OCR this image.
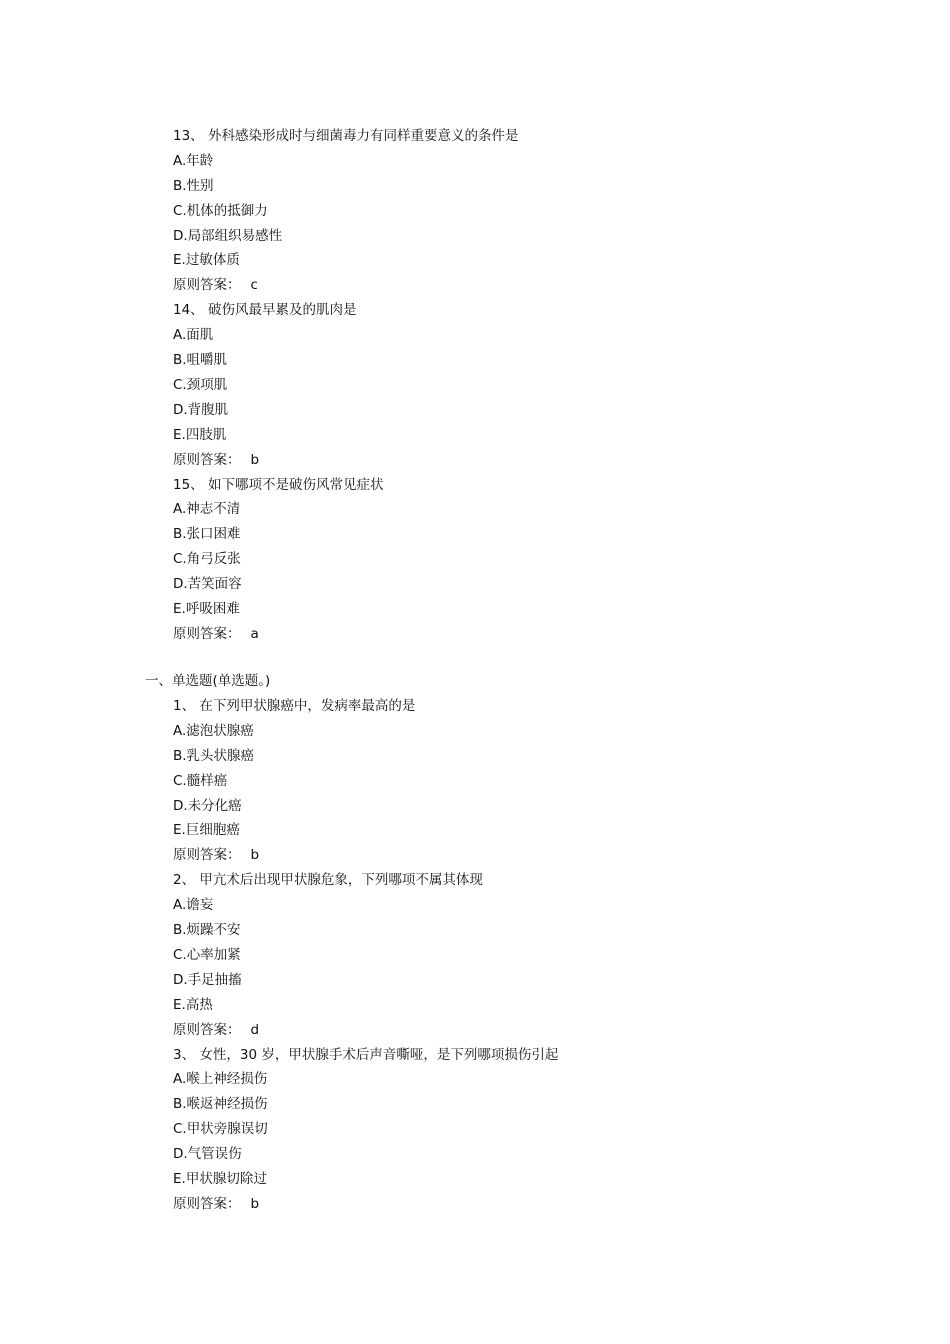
13、 外科感染形成时与细菌毒力有同样重要意义的条件是
A.年龄
B.性别
C.机体的抵御力
D.局部组织易感性
E.过敏体质
原则答案： c
14、 破伤风最早累及的肌肉是
A.面肌
B.咀嚼肌
C.颈项肌
D.背腹肌
E.四肢肌
原则答案： b
15、 如下哪项不是破伤风常见症状
A.神志不清
B.张口困难
C.角弓反张
D.苦笑面容
E.呼吸困难
原则答案： a
一、单选题(单选题。)
1、 在下列甲状腺癌中，发病率最高的是
A.滤泡状腺癌
B.乳头状腺癌
C.髓样癌
D.未分化癌
E.巨细胞癌
原则答案： b
2、 甲亢术后出现甲状腺危象，下列哪项不属其体现
A.谵妄
B.烦躁不安
C.心率加紧
D.手足抽搐
E.高热
原则答案： d
3、 女性，30 岁，甲状腺手术后声音嘶哑，是下列哪项损伤引起
A.喉上神经损伤
B.喉返神经损伤
C.甲状旁腺误切
D.气管误伤
E.甲状腺切除过
原则答案： b
